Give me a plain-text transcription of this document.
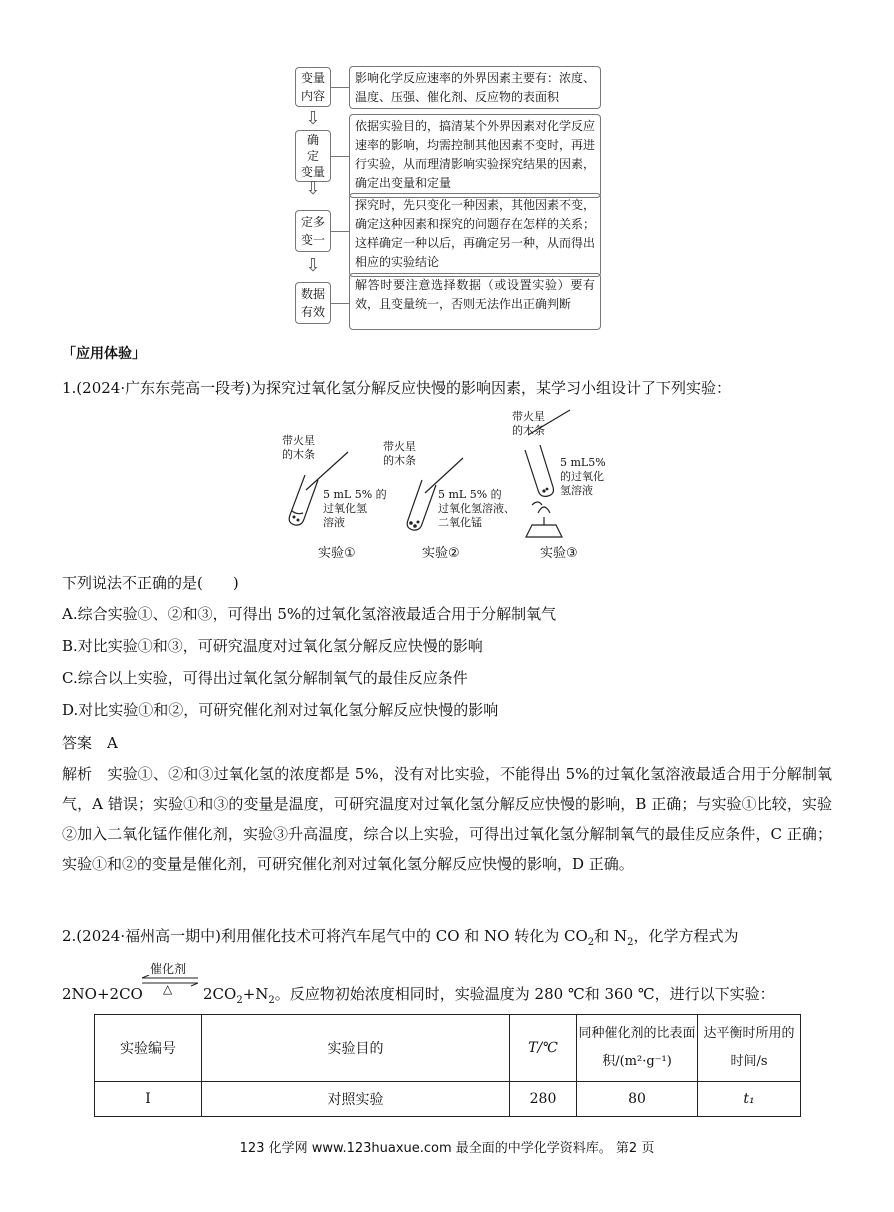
变量
内容
影响化学反应速率的外界因素主要有：浓度、温度、压强、催化剂、反应物的表面积
⇩
确
定
变量
依据实验目的，搞清某个外界因素对化学反应速率的影响，均需控制其他因素不变时，再进行实验，从而理清影响实验探究结果的因素，确定出变量和定量
⇩
定多
变一
探究时，先只变化一种因素，其他因素不变，确定这种因素和探究的问题存在怎样的关系；这样确定一种以后，再确定另一种，从而得出相应的实验结论
⇩
数据
有效
解答时要注意选择数据（或设置实验）要有效，且变量统一，否则无法作出正确判断
「应用体验」
1.(2024·广东东莞高一段考)为探究过氧化氢分解反应快慢的影响因素，某学习小组设计了下列实验：
带火星
的木条
带火星
的木条
带火星
的木条
5 mL 5% 的
过氧化氢
溶液
5 mL 5% 的
过氧化氢溶液、
二氧化锰
5 mL5%
的过氧化
氢溶液
实验①	实验②	实验③
下列说法不正确的是(　　)
A.综合实验①、②和③，可得出 5%的过氧化氢溶液最适合用于分解制氧气
B.对比实验①和③，可研究温度对过氧化氢分解反应快慢的影响
C.综合以上实验，可得出过氧化氢分解制氧气的最佳反应条件
D.对比实验①和②，可研究催化剂对过氧化氢分解反应快慢的影响
答案　A
解析　实验①、②和③过氧化氢的浓度都是 5%，没有对比实验，不能得出 5%的过氧化氢溶液最适合用于分解制氧气，A 错误；实验①和③的变量是温度，可研究温度对过氧化氢分解反应快慢的影响，B 正确；与实验①比较，实验②加入二氧化锰作催化剂，实验③升高温度，综合以上实验，可得出过氧化氢分解制氧气的最佳反应条件，C 正确；实验①和②的变量是催化剂，可研究催化剂对过氧化氢分解反应快慢的影响，D 正确。
2.(2024·福州高一期中)利用催化技术可将汽车尾气中的 CO 和 NO 转化为 $CO_2$和 $N_2$，化学方程式为
2NO+2CO
催化剂
△ $2CO_2+N_2$。反应物初始浓度相同时，实验温度为 280 ℃和 360 ℃，进行以下实验：
实验编号	实验目的	T/℃	同种催化剂的比表面积/(m²·g⁻¹)	达平衡时所用的时间/s
Ⅰ	对照实验	280	80	t₁
123 化学网 www.123huaxue.com 最全面的中学化学资料库。 第2 页
